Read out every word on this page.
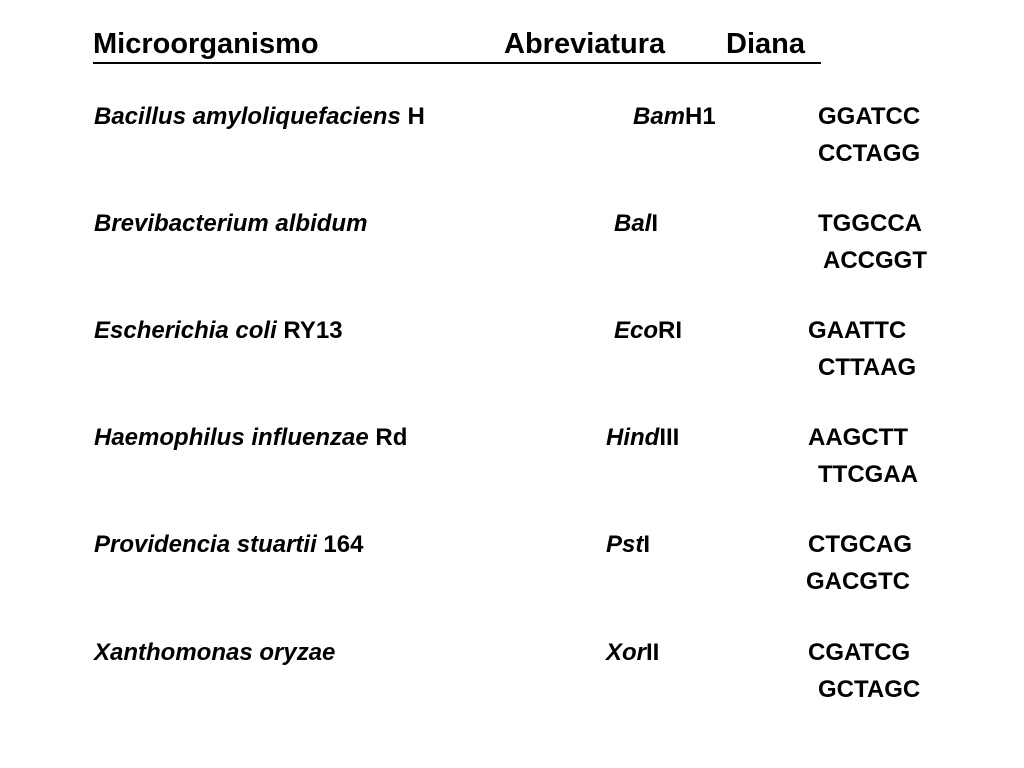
Microorganismo	Abreviatura Diana
Bacillus amyloliquefaciens H	BamH1	GGATCC
CCTAGG
Brevibacterium albidum	BalI	TGGCCA
ACCGGT
Escherichia coli RY13	EcoRI	GAATTC
CTTAAG
Haemophilus influenzae Rd	HindIII	AAGCTT
TTCGAA
Providencia stuartii 164	PstI	CTGCAG
GACGTC
Xanthomonas oryzae	XorII	CGATCG
GCTAGC
